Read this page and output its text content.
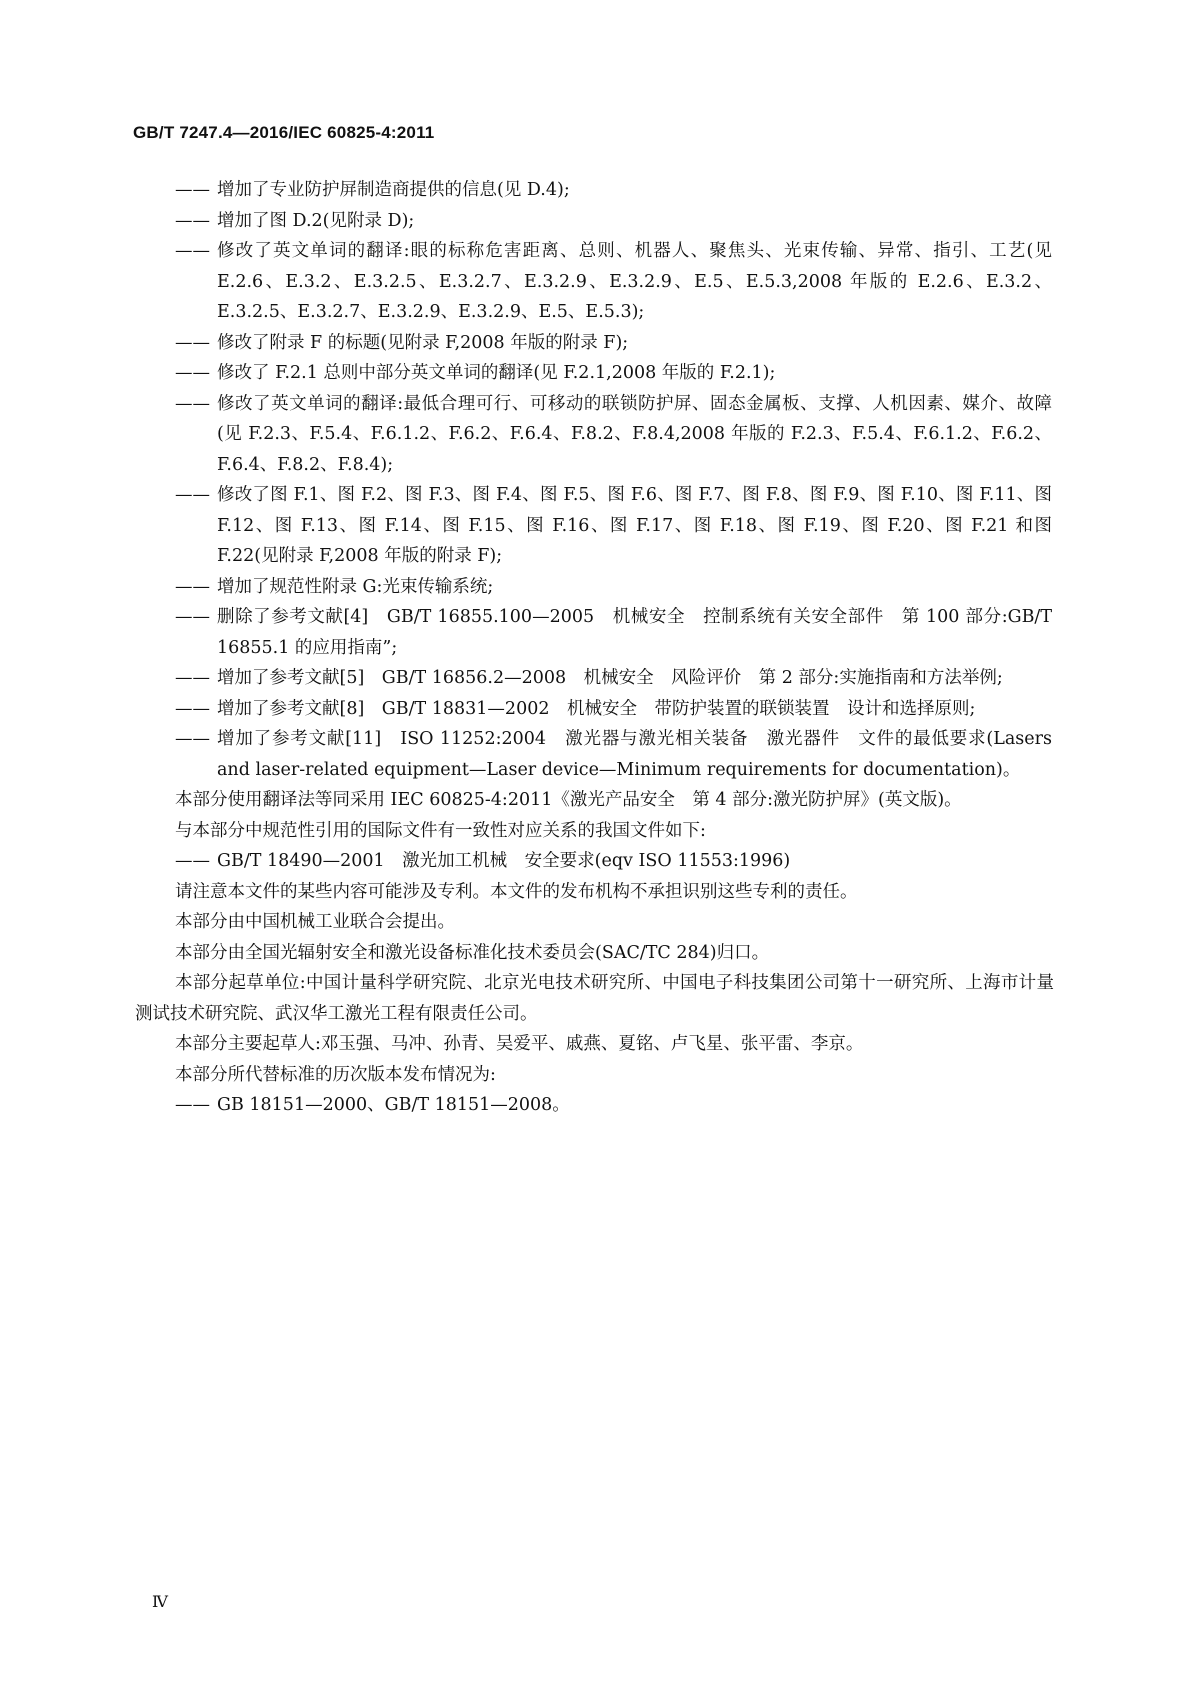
GB/T 7247.4—2016/IEC 60825-4:2011
—— 增加了专业防护屏制造商提供的信息(见 D.4);
—— 增加了图 D.2(见附录 D);
—— 修改了英文单词的翻译:眼的标称危害距离、总则、机器人、聚焦头、光束传输、异常、指引、工艺(见 E.2.6、E.3.2、E.3.2.5、E.3.2.7、E.3.2.9、E.3.2.9、E.5、E.5.3,2008 年版的 E.2.6、E.3.2、E.3.2.5、E.3.2.7、E.3.2.9、E.3.2.9、E.5、E.5.3);
—— 修改了附录 F 的标题(见附录 F,2008 年版的附录 F);
—— 修改了 F.2.1 总则中部分英文单词的翻译(见 F.2.1,2008 年版的 F.2.1);
—— 修改了英文单词的翻译:最低合理可行、可移动的联锁防护屏、固态金属板、支撑、人机因素、媒介、故障(见 F.2.3、F.5.4、F.6.1.2、F.6.2、F.6.4、F.8.2、F.8.4,2008 年版的 F.2.3、F.5.4、F.6.1.2、F.6.2、F.6.4、F.8.2、F.8.4);
—— 修改了图 F.1、图 F.2、图 F.3、图 F.4、图 F.5、图 F.6、图 F.7、图 F.8、图 F.9、图 F.10、图 F.11、图 F.12、图 F.13、图 F.14、图 F.15、图 F.16、图 F.17、图 F.18、图 F.19、图 F.20、图 F.21 和图 F.22(见附录 F,2008 年版的附录 F);
—— 增加了规范性附录 G:光束传输系统;
—— 删除了参考文献[4]　GB/T 16855.100—2005　机械安全　控制系统有关安全部件　第 100 部分:GB/T 16855.1 的应用指南”;
—— 增加了参考文献[5]　GB/T 16856.2—2008　机械安全　风险评价　第 2 部分:实施指南和方法举例;
—— 增加了参考文献[8]　GB/T 18831—2002　机械安全　带防护装置的联锁装置　设计和选择原则;
—— 增加了参考文献[11]　ISO 11252:2004　激光器与激光相关装备　激光器件　文件的最低要求(Lasers and laser-related equipment—Laser device—Minimum requirements for documentation)。
本部分使用翻译法等同采用 IEC 60825-4:2011《激光产品安全　第 4 部分:激光防护屏》(英文版)。
与本部分中规范性引用的国际文件有一致性对应关系的我国文件如下:
—— GB/T 18490—2001　激光加工机械　安全要求(eqv ISO 11553:1996)
请注意本文件的某些内容可能涉及专利。本文件的发布机构不承担识别这些专利的责任。
本部分由中国机械工业联合会提出。
本部分由全国光辐射安全和激光设备标准化技术委员会(SAC/TC 284)归口。
本部分起草单位:中国计量科学研究院、北京光电技术研究所、中国电子科技集团公司第十一研究所、上海市计量测试技术研究院、武汉华工激光工程有限责任公司。
本部分主要起草人:邓玉强、马冲、孙青、吴爱平、戚燕、夏铭、卢飞星、张平雷、李京。
本部分所代替标准的历次版本发布情况为:
—— GB 18151—2000、GB/T 18151—2008。
Ⅳ
